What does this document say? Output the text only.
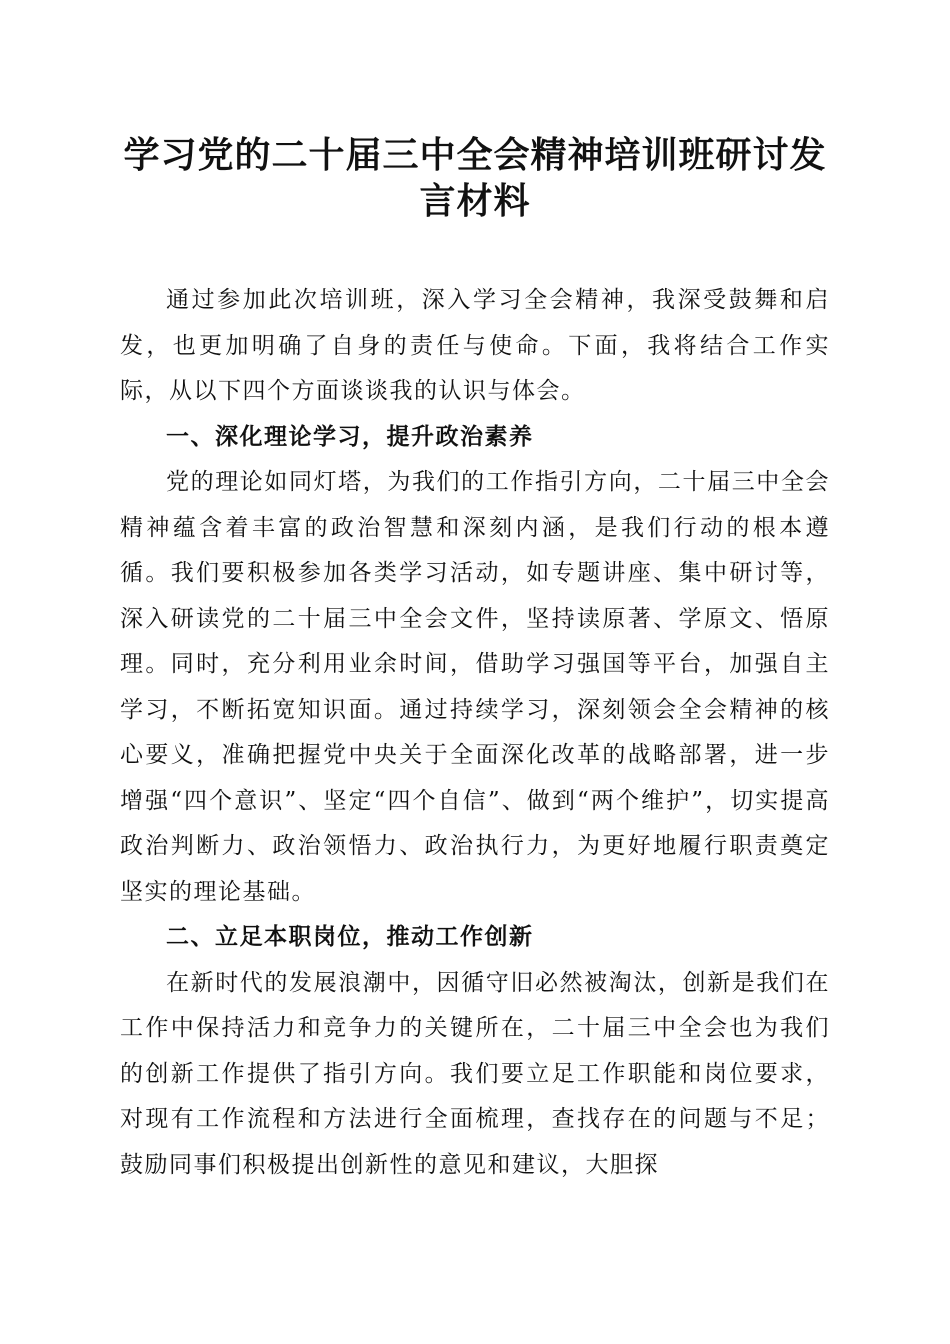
学习党的二十届三中全会精神培训班研讨发言材料

通过参加此次培训班，深入学习全会精神，我深受鼓舞和启发，也更加明确了自身的责任与使命。下面，我将结合工作实际，从以下四个方面谈谈我的认识与体会。

一、深化理论学习，提升政治素养

党的理论如同灯塔，为我们的工作指引方向，二十届三中全会精神蕴含着丰富的政治智慧和深刻内涵，是我们行动的根本遵循。我们要积极参加各类学习活动，如专题讲座、集中研讨等，深入研读党的二十届三中全会文件，坚持读原著、学原文、悟原理。同时，充分利用业余时间，借助学习强国等平台，加强自主学习，不断拓宽知识面。通过持续学习，深刻领会全会精神的核心要义，准确把握党中央关于全面深化改革的战略部署，进一步增强“四个意识”、坚定“四个自信”、做到“两个维护”，切实提高政治判断力、政治领悟力、政治执行力，为更好地履行职责奠定坚实的理论基础。

二、立足本职岗位，推动工作创新

在新时代的发展浪潮中，因循守旧必然被淘汰，创新是我们在工作中保持活力和竞争力的关键所在，二十届三中全会也为我们的创新工作提供了指引方向。我们要立足工作职能和岗位要求，对现有工作流程和方法进行全面梳理，查找存在的问题与不足；鼓励同事们积极提出创新性的意见和建议，大胆探
